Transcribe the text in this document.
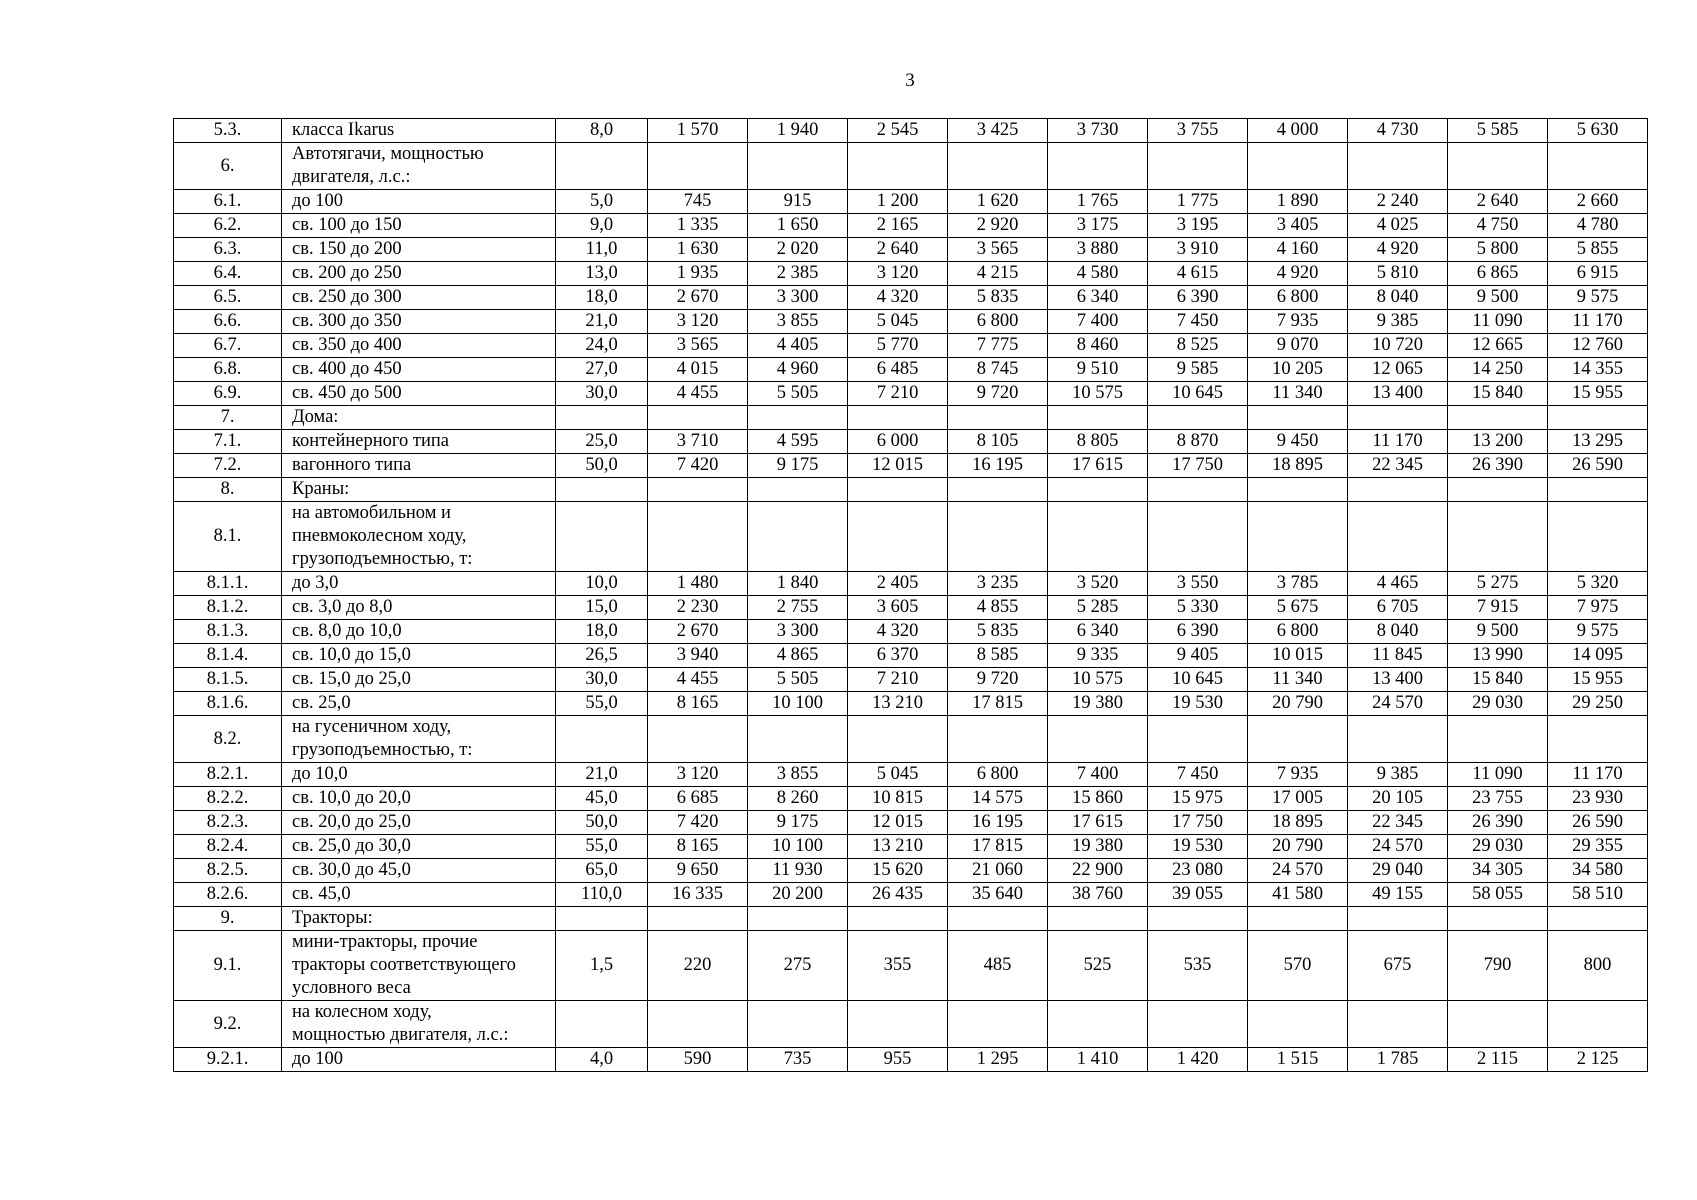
3
5.3.	класса Ikarus	8,0	1 570	1 940	2 545	3 425	3 730	3 755	4 000	4 730	5 585	5 630
6.	Автотягачи, мощностью
двигателя, л.с.:											

6.1.	до 100	5,0	745	915	1 200	1 620	1 765	1 775	1 890	2 240	2 640	2 660
6.2.	св. 100 до 150	9,0	1 335	1 650	2 165	2 920	3 175	3 195	3 405	4 025	4 750	4 780
6.3.	св. 150 до 200	11,0	1 630	2 020	2 640	3 565	3 880	3 910	4 160	4 920	5 800	5 855
6.4.	св. 200 до 250	13,0	1 935	2 385	3 120	4 215	4 580	4 615	4 920	5 810	6 865	6 915
6.5.	св. 250 до 300	18,0	2 670	3 300	4 320	5 835	6 340	6 390	6 800	8 040	9 500	9 575
6.6.	св. 300 до 350	21,0	3 120	3 855	5 045	6 800	7 400	7 450	7 935	9 385	11 090	11 170
6.7.	св. 350 до 400	24,0	3 565	4 405	5 770	7 775	8 460	8 525	9 070	10 720	12 665	12 760
6.8.	св. 400 до 450	27,0	4 015	4 960	6 485	8 745	9 510	9 585	10 205	12 065	14 250	14 355
6.9.	св. 450 до 500	30,0	4 455	5 505	7 210	9 720	10 575	10 645	11 340	13 400	15 840	15 955
7.	Дома:											

7.1.	контейнерного типа	25,0	3 710	4 595	6 000	8 105	8 805	8 870	9 450	11 170	13 200	13 295
7.2.	вагонного типа	50,0	7 420	9 175	12 015	16 195	17 615	17 750	18 895	22 345	26 390	26 590
8.	Краны:											

8.1.	на автомобильном и
пневмоколесном ходу,
грузоподъемностью, т:											

8.1.1.	до 3,0	10,0	1 480	1 840	2 405	3 235	3 520	3 550	3 785	4 465	5 275	5 320
8.1.2.	св. 3,0 до 8,0	15,0	2 230	2 755	3 605	4 855	5 285	5 330	5 675	6 705	7 915	7 975
8.1.3.	св. 8,0 до 10,0	18,0	2 670	3 300	4 320	5 835	6 340	6 390	6 800	8 040	9 500	9 575
8.1.4.	св. 10,0 до 15,0	26,5	3 940	4 865	6 370	8 585	9 335	9 405	10 015	11 845	13 990	14 095
8.1.5.	св. 15,0 до 25,0	30,0	4 455	5 505	7 210	9 720	10 575	10 645	11 340	13 400	15 840	15 955
8.1.6.	св. 25,0	55,0	8 165	10 100	13 210	17 815	19 380	19 530	20 790	24 570	29 030	29 250
8.2.	на гусеничном ходу,
грузоподъемностью, т:											

8.2.1.	до 10,0	21,0	3 120	3 855	5 045	6 800	7 400	7 450	7 935	9 385	11 090	11 170
8.2.2.	св. 10,0 до 20,0	45,0	6 685	8 260	10 815	14 575	15 860	15 975	17 005	20 105	23 755	23 930
8.2.3.	св. 20,0 до 25,0	50,0	7 420	9 175	12 015	16 195	17 615	17 750	18 895	22 345	26 390	26 590
8.2.4.	св. 25,0 до 30,0	55,0	8 165	10 100	13 210	17 815	19 380	19 530	20 790	24 570	29 030	29 355
8.2.5.	св. 30,0 до 45,0	65,0	9 650	11 930	15 620	21 060	22 900	23 080	24 570	29 040	34 305	34 580
8.2.6.	св. 45,0	110,0	16 335	20 200	26 435	35 640	38 760	39 055	41 580	49 155	58 055	58 510
9.	Тракторы:											

9.1.	мини-тракторы, прочие
тракторы соответствующего
условного веса	1,5	220	275	355	485	525	535	570	675	790	800
9.2.	на колесном ходу,
мощностью двигателя, л.с.:											

9.2.1.	до 100	4,0	590	735	955	1 295	1 410	1 420	1 515	1 785	2 115	2 125
